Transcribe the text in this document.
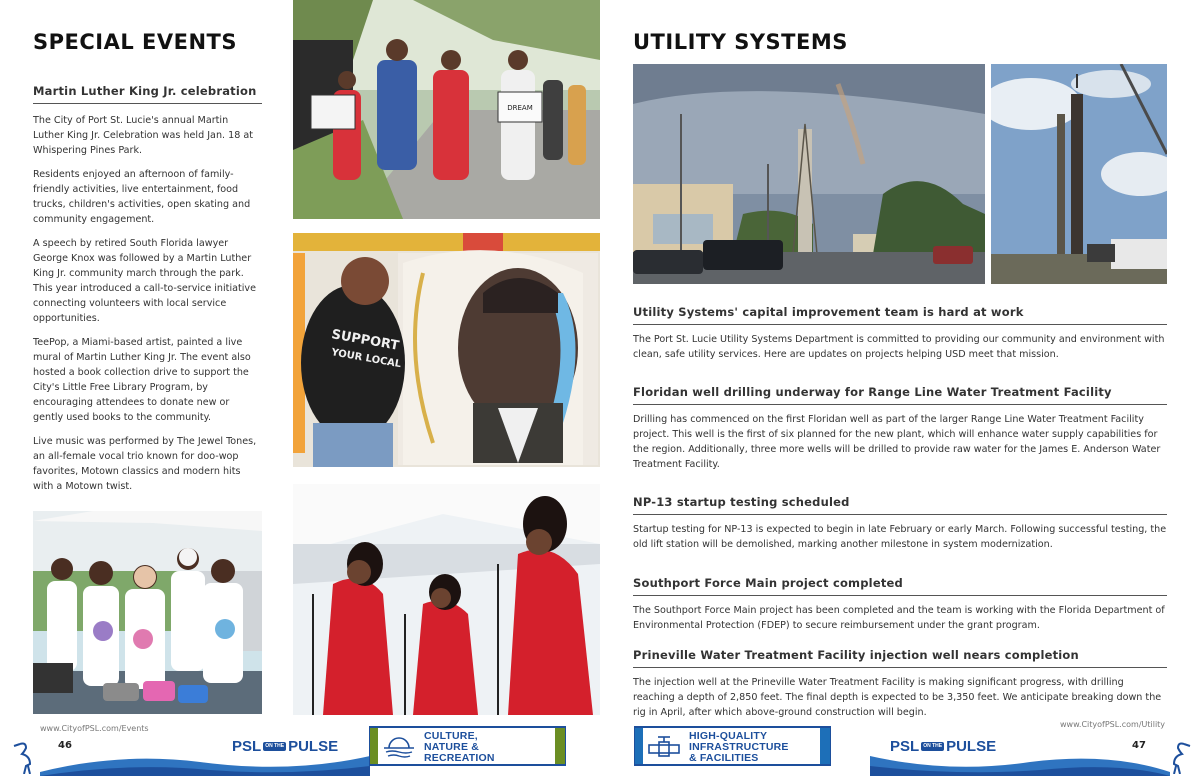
SPECIAL EVENTS
Martin Luther King Jr. celebration

The City of Port St. Lucie's annual Martin Luther King Jr. Celebration was held Jan. 18 at Whispering Pines Park.

Residents enjoyed an afternoon of family-friendly activities, live entertainment, food trucks, children's activities, open skating and community engagement.

A speech by retired South Florida lawyer George Knox was followed by a Martin Luther King Jr. community march through the park. This year introduced a call-to-service initiative connecting volunteers with local service opportunities.

TeePop, a Miami-based artist, painted a live mural of Martin Luther King Jr. The event also hosted a book collection drive to support the City's Little Free Library Program, by encouraging attendees to donate new or gently used books to the community.

Live music was performed by The Jewel Tones, an all-female vocal trio known for doo-wop favorites, Motown classics and modern hits with a Motown twist.

DREAM
SUPPORT
YOUR LOCAL
www.CityofPSL.com/Events
46	PSL ON THE PULSE
CULTURE,
NATURE &
RECREATION
UTILITY SYSTEMS
Utility Systems' capital improvement team is hard at work

The Port St. Lucie Utility Systems Department is committed to providing our community and environment with clean, safe utility services. Here are updates on projects helping USD meet that mission.

Floridan well drilling underway for Range Line Water Treatment Facility

Drilling has commenced on the first Floridan well as part of the larger Range Line Water Treatment Facility project. This well is the first of six planned for the new plant, which will enhance water supply capabilities for the region. Additionally, three more wells will be drilled to provide raw water for the James E. Anderson Water Treatment Facility.

NP-13 startup testing scheduled

Startup testing for NP-13 is expected to begin in late February or early March. Following successful testing, the old lift station will be demolished, marking another milestone in system modernization.

Southport Force Main project completed

The Southport Force Main project has been completed and the team is working with the Florida Department of Environmental Protection (FDEP) to secure reimbursement under the grant program.

Prineville Water Treatment Facility injection well nears completion

The injection well at the Prineville Water Treatment Facility is making significant progress, with drilling reaching a depth of 2,850 feet. The final depth is expected to be 3,350 feet. We anticipate breaking down the rig in April, after which above-ground construction will begin.

www.CityofPSL.com/Utility
47
HIGH-QUALITY
INFRASTRUCTURE
& FACILITIES
PSL ON THE PULSE
